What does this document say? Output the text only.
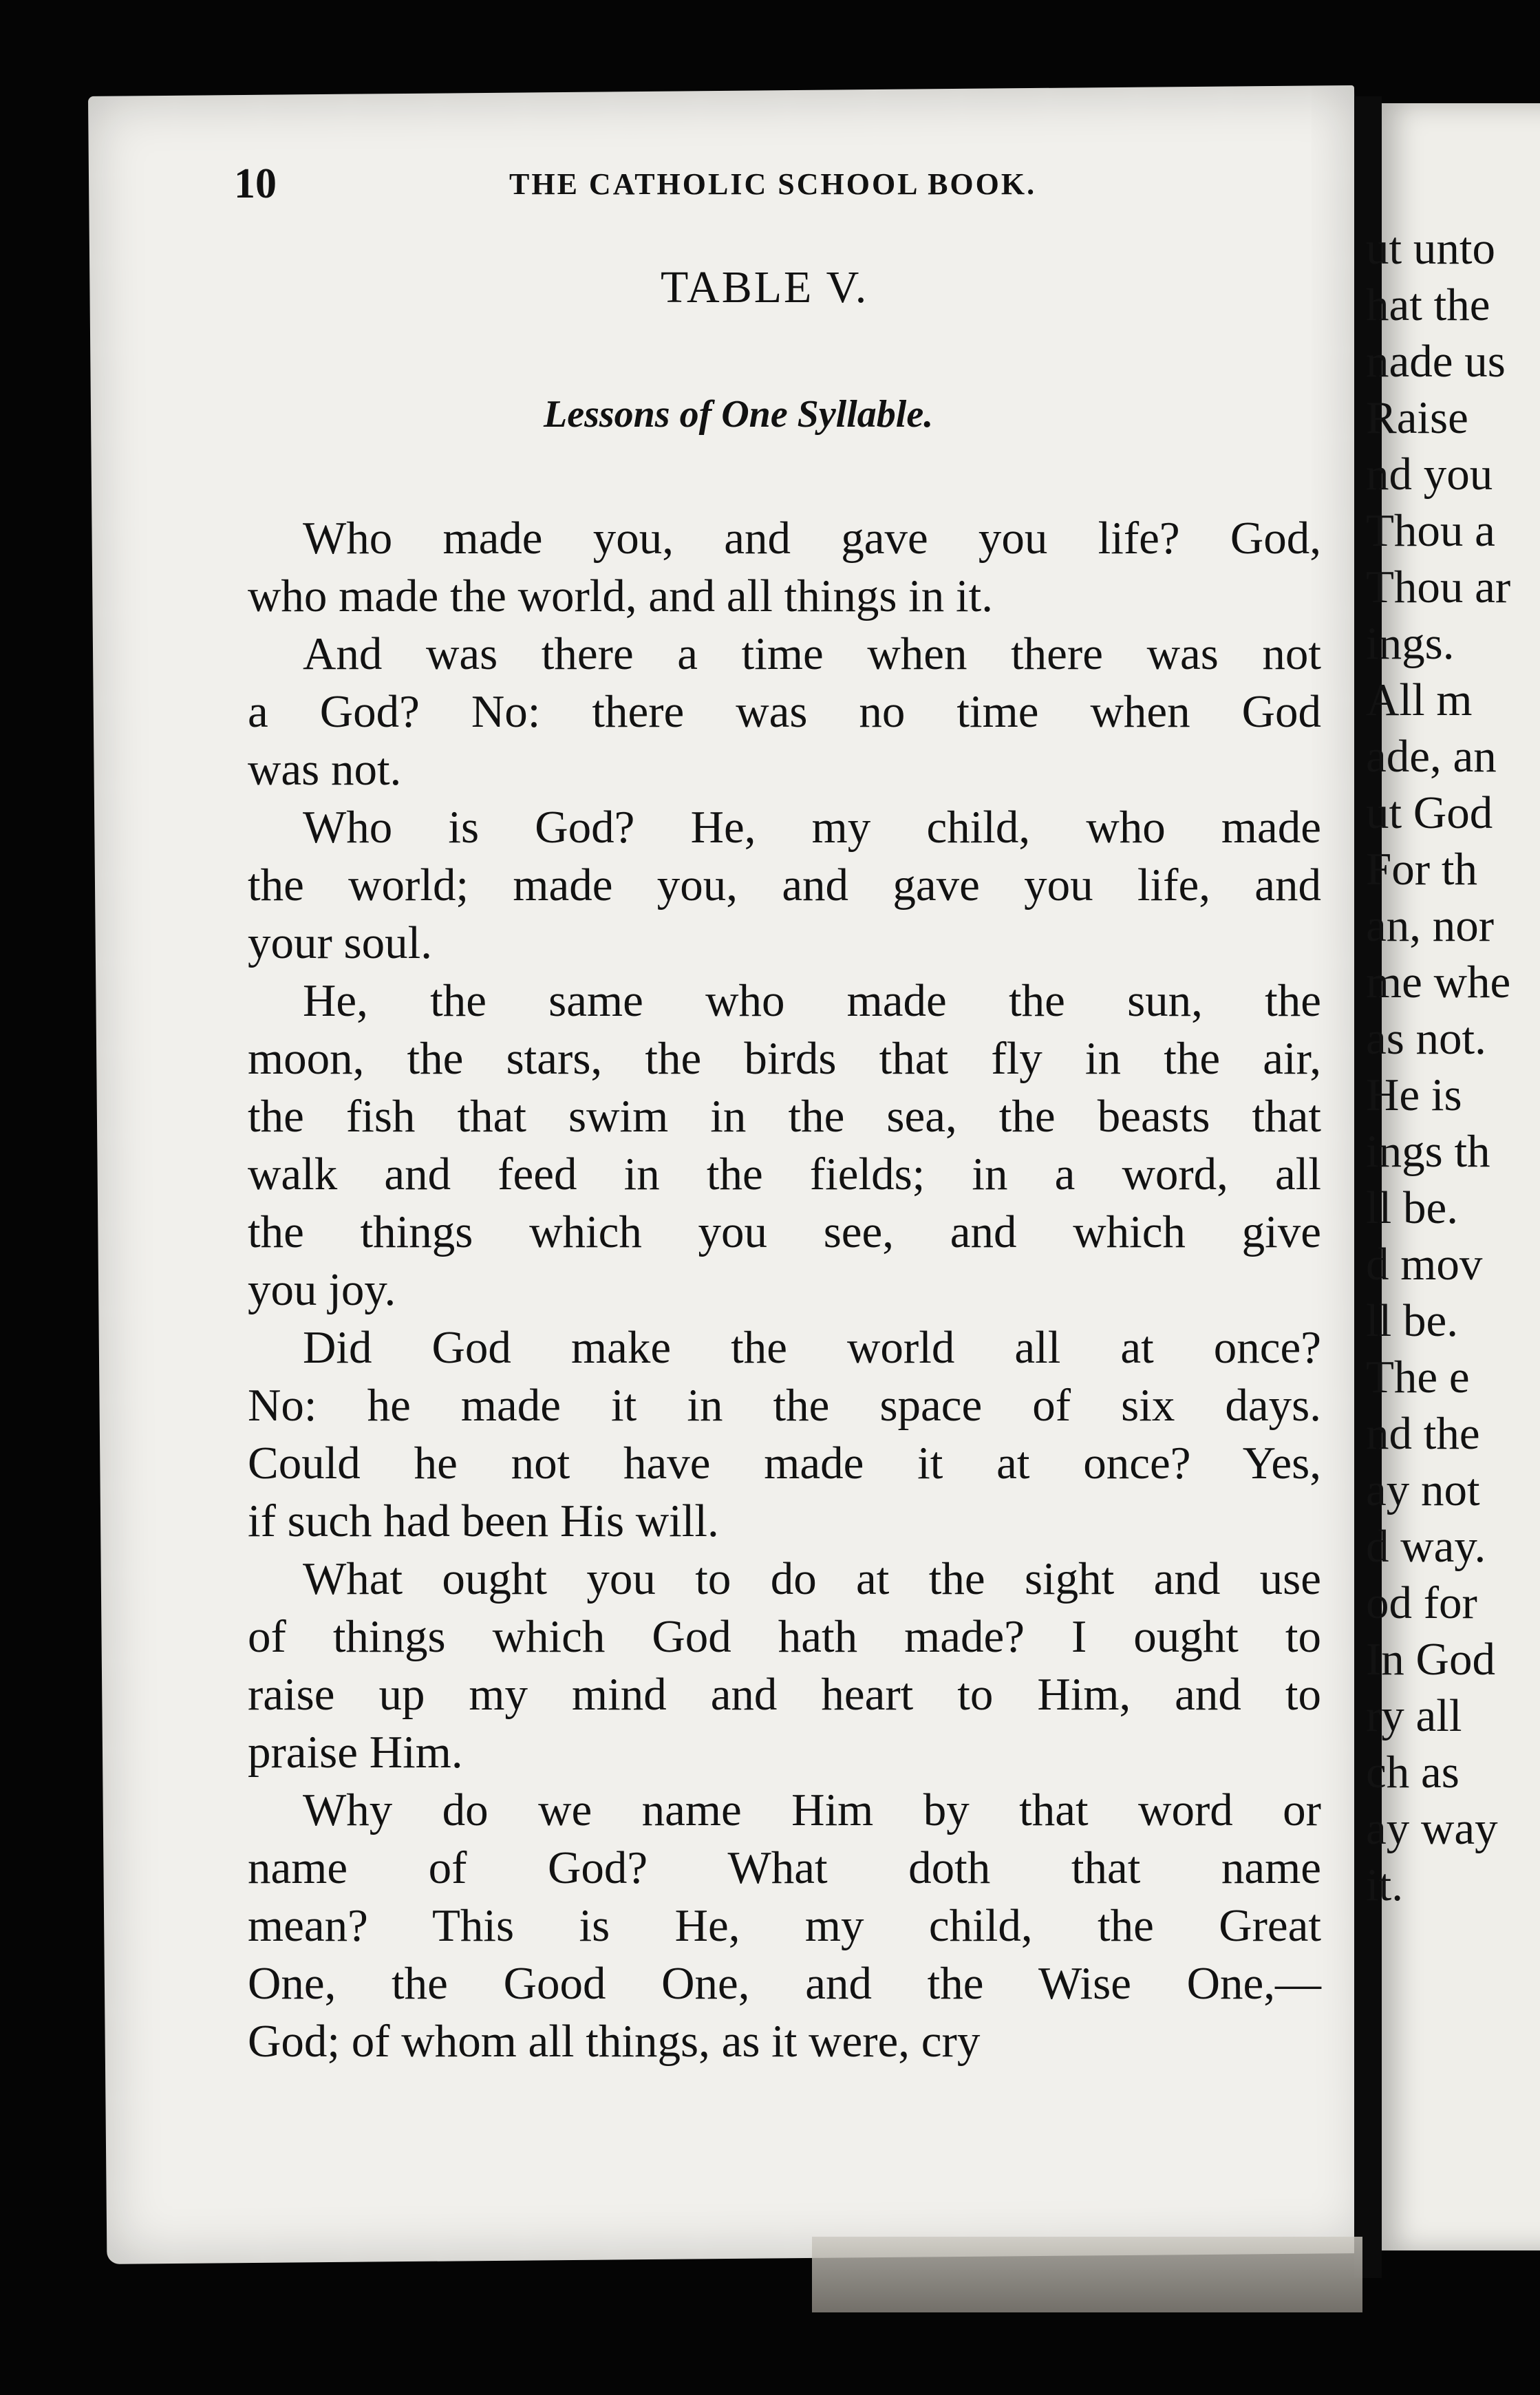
10	THE CATHOLIC SCHOOL BOOK.
TABLE V.
Lessons of One Syllable.
Who made you, and gave you life? God,
who made the world, and all things in it.
And was there a time when there was not
a God? No: there was no time when God
was not.
Who is God? He, my child, who made
the world; made you, and gave you life, and
your soul.
He, the same who made the sun, the
moon, the stars, the birds that fly in the air,
the fish that swim in the sea, the beasts that
walk and feed in the fields; in a word, all
the things which you see, and which give
you joy.
Did God make the world all at once?
No: he made it in the space of six days.
Could he not have made it at once? Yes,
if such had been His will.
What ought you to do at the sight and use
of things which God hath made? I ought to
raise up my mind and heart to Him, and to
praise Him.
Why do we name Him by that word or
name of God? What doth that name
mean? This is He, my child, the Great
One, the Good One, and the Wise One,—
God; of whom all things, as it were, cry
ut unto
hat the
nade us
Raise
nd you
Thou a
Thou ar
ings.
All m
ade, an
ut God
For th
an, nor
me whe
as not.
He is
ings th
ll be.
d mov
ll be.
The e
nd the
ay not
d way.
od for
In God
ry all
ch as
ay way
it.
